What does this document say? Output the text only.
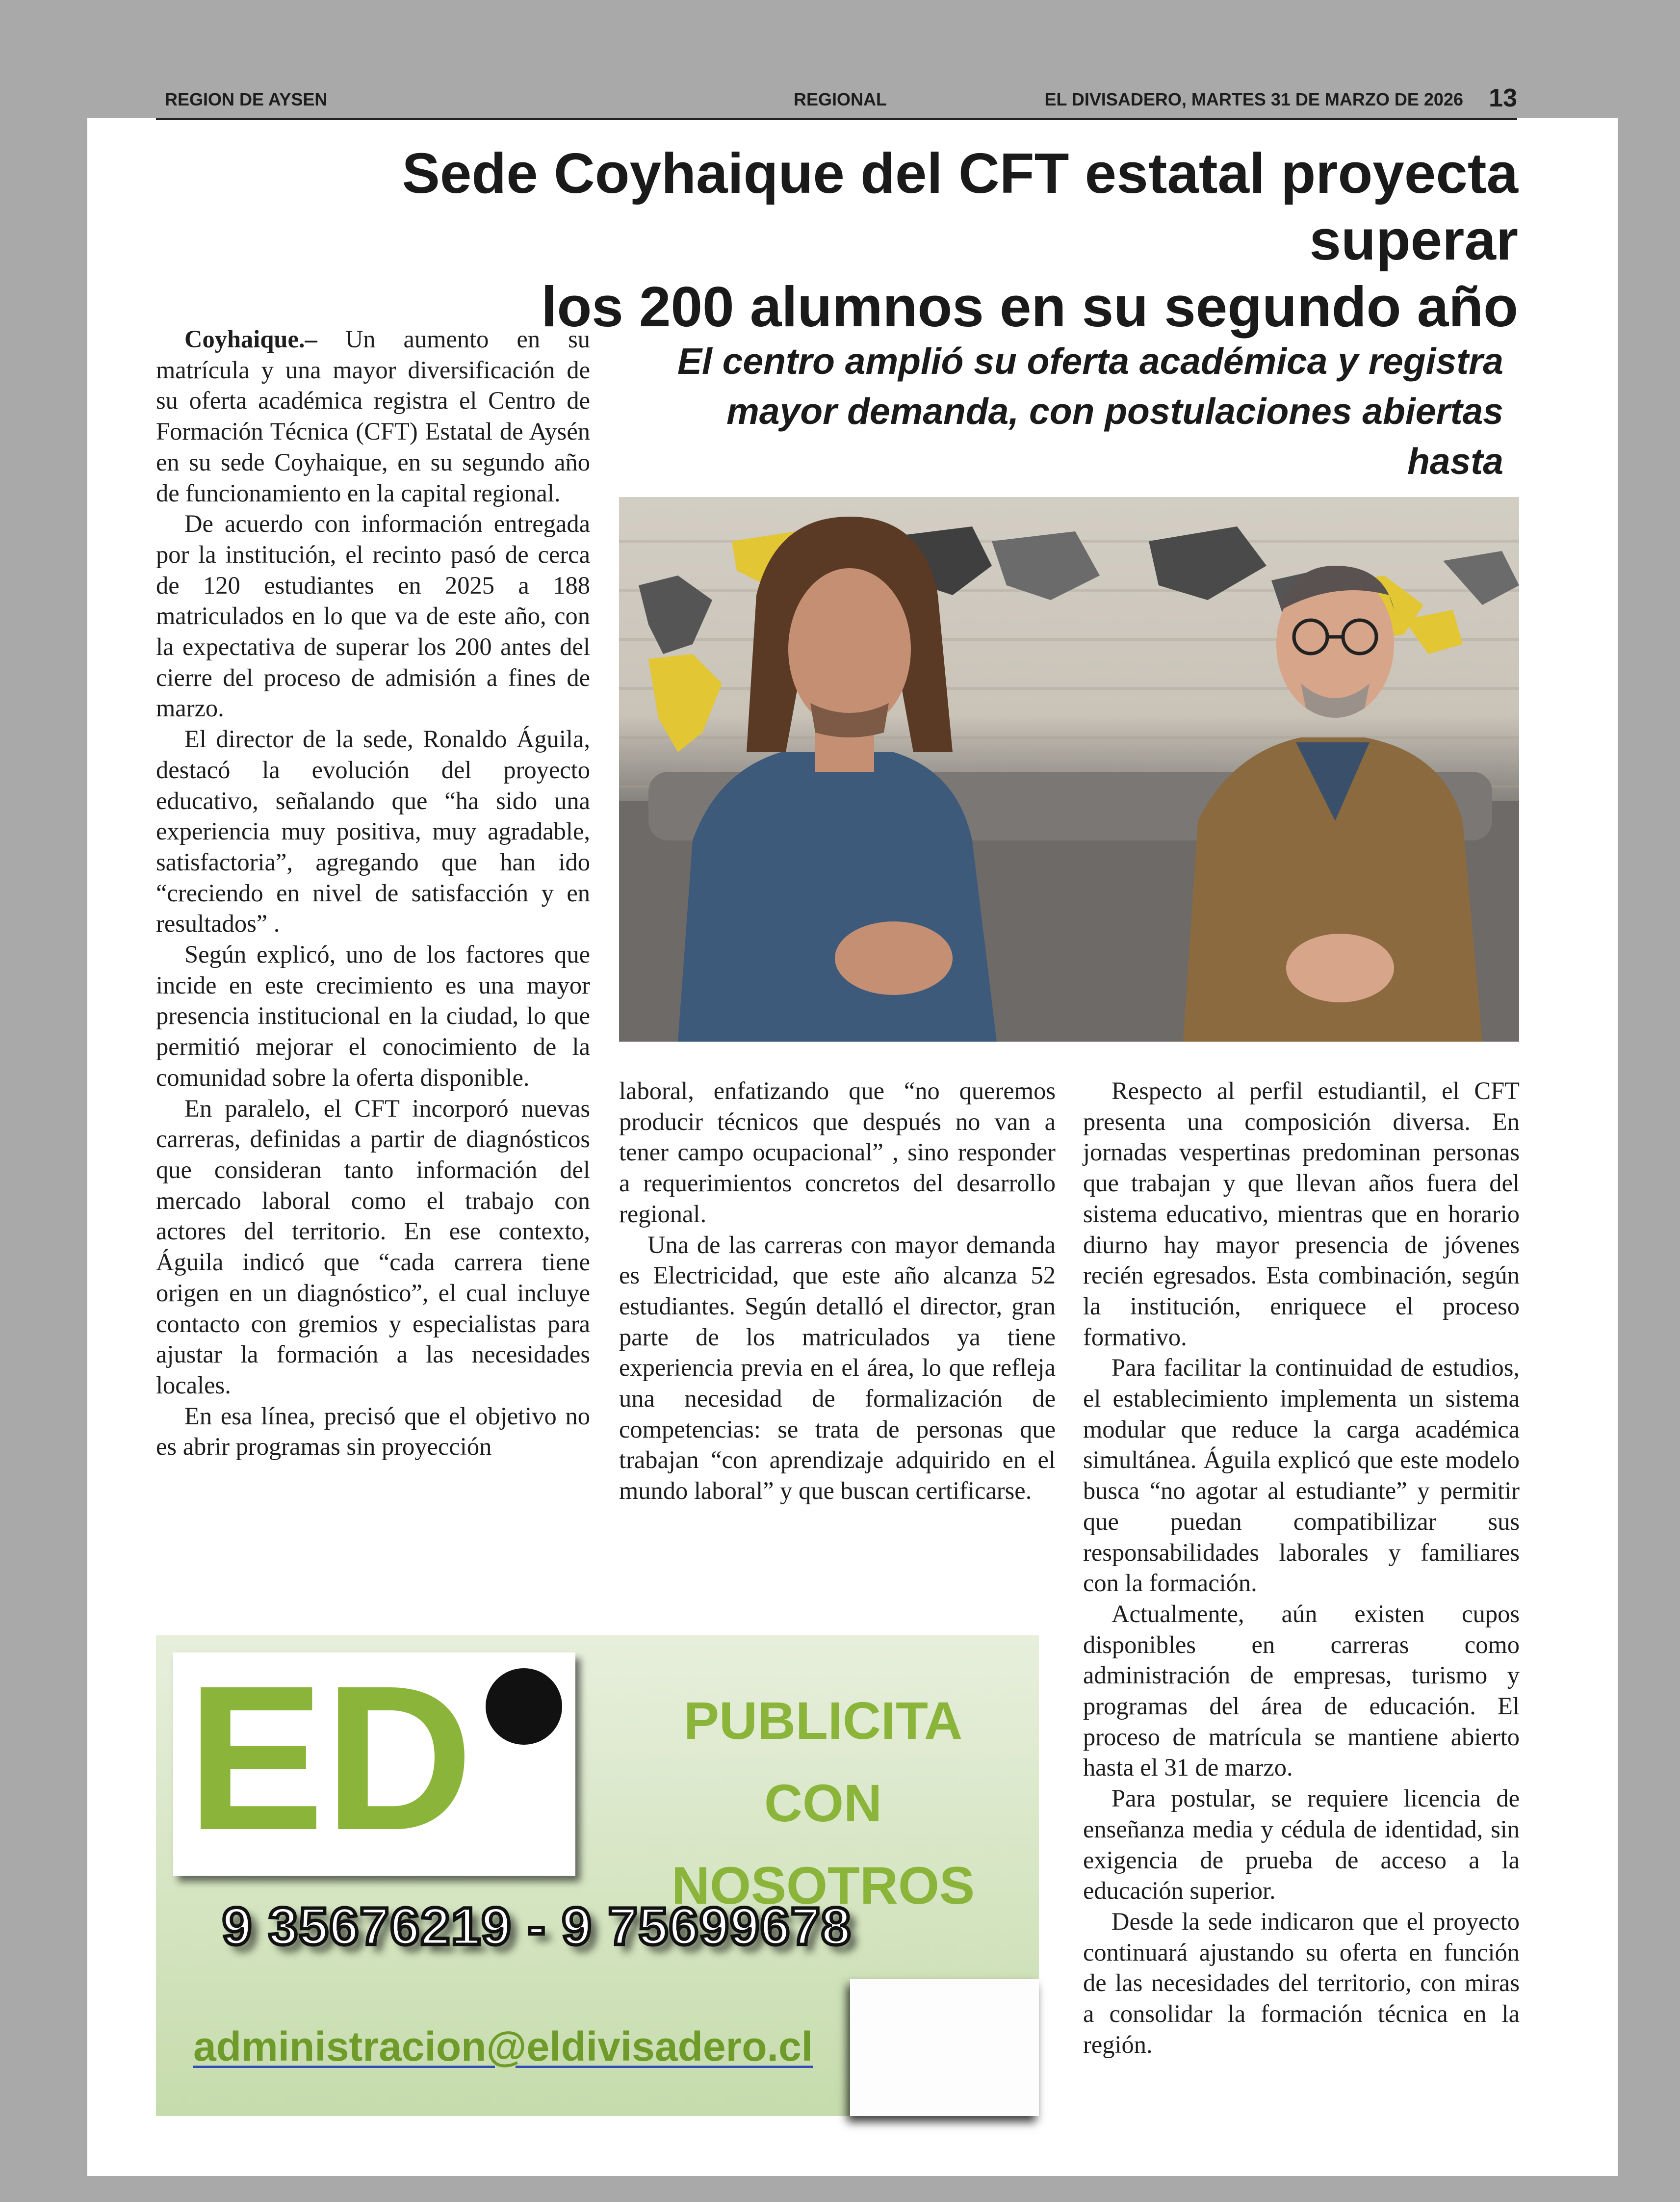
REGION DE AYSEN	REGIONAL	EL DIVISADERO, MARTES 31 DE MARZO DE 2026 13
Sede Coyhaique del CFT estatal proyecta superar
los 200 alumnos en su segundo año
El centro amplió su oferta académica y registra
mayor demanda, con postulaciones abiertas hasta

Coyhaique.– Un aumento en su matrícula y una mayor diversificación de su oferta académica registra el Centro de Formación Técnica (CFT) Estatal de Aysén en su sede Coyhaique, en su segundo año de funcionamiento en la capital regional.

De acuerdo con información entregada por la institución, el recinto pasó de cerca de 120 estudiantes en 2025 a 188 matriculados en lo que va de este año, con la expectativa de superar los 200 antes del cierre del proceso de admisión a fines de marzo.

El director de la sede, Ronaldo Águila, destacó la evolución del proyecto educativo, señalando que “ha sido una experiencia muy positiva, muy agradable, satisfactoria”, agregando que han ido “creciendo en nivel de satisfacción y en resultados” .

Según explicó, uno de los factores que incide en este crecimiento es una mayor presencia institucional en la ciudad, lo que permitió mejorar el conocimiento de la comunidad sobre la oferta disponible.

En paralelo, el CFT incorporó nuevas carreras, definidas a partir de diagnósticos que consideran tanto información del mercado laboral como el trabajo con actores del territorio. En ese contexto, Águila indicó que “cada carrera tiene origen en un diagnóstico”, el cual incluye contacto con gremios y especialistas para ajustar la formación a las necesidades locales.

En esa línea, precisó que el objetivo no es abrir programas sin proyección

laboral, enfatizando que “no queremos producir técnicos que después no van a tener campo ocupacional” , sino responder a requerimientos concretos del desarrollo regional.

Una de las carreras con mayor demanda es Electricidad, que este año alcanza 52 estudiantes. Según detalló el director, gran parte de los matriculados ya tiene experiencia previa en el área, lo que refleja una necesidad de formalización de competencias: se trata de personas que trabajan “con aprendizaje adquirido en el mundo laboral” y que buscan certificarse.

Respecto al perfil estudiantil, el CFT presenta una composición diversa. En jornadas vespertinas predominan personas que trabajan y que llevan años fuera del sistema educativo, mientras que en horario diurno hay mayor presencia de jóvenes recién egresados. Esta combinación, según la institución, enriquece el proceso formativo.

Para facilitar la continuidad de estudios, el establecimiento implementa un sistema modular que reduce la carga académica simultánea. Águila explicó que este modelo busca “no agotar al estudiante” y permitir que puedan compatibilizar sus responsabilidades laborales y familiares con la formación.

Actualmente, aún existen cupos disponibles en carreras como administración de empresas, turismo y programas del área de educación. El proceso de matrícula se mantiene abierto hasta el 31 de marzo.

Para postular, se requiere licencia de enseñanza media y cédula de identidad, sin exigencia de prueba de acceso a la educación superior.

Desde la sede indicaron que el proyecto continuará ajustando su oferta en función de las necesidades del territorio, con miras a consolidar la formación técnica en la región.

ED	PUBLICITA CON
NOSOTROS
9 35676219 - 9 75699678
administracion@eldivisadero.cl
